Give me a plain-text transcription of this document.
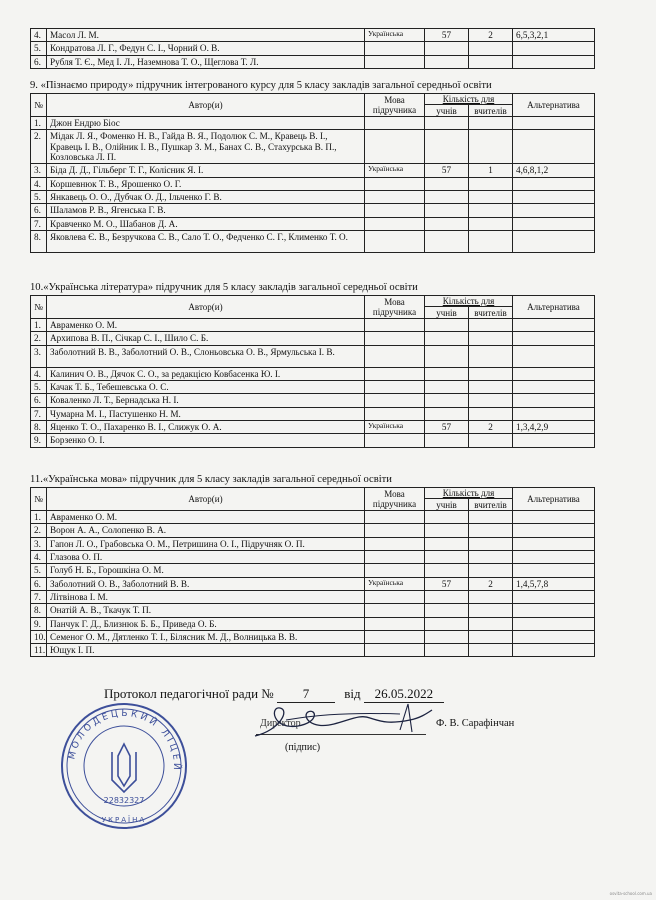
4.	Масол Л. М.	Українська	57	2	6,5,3,2,1
5.	Кондратова Л. Г., Федун С. І., Чорний О. В.				
6.	Рубля Т. Є., Мед І. Л., Наземнова Т. О., Щеглова Т. Л.				
9. «Пізнаємо природу» підручник інтегрованого курсу для 5 класу закладів загальної середньої освіти
№	Автор(и)	Мова підручника	Кількість для		Альтернатива
			учнів	вчителів	
1.	Джон Ендрю Біос				
2.	Мідак Л. Я., Фоменко Н. В., Гайда В. Я., Подолюк С. М., Кравець В. І., Кравець І. В., Олійник І. В., Пушкар З. М., Банах С. В., Стахурська В. П., Козловська Л. П.				
3.	Біда Д. Д., Гільберг Т. Г., Колісник Я. І.	Українська	57	1	4,6,8,1,2
4.	Коршевнюк Т. В., Ярошенко О. Г.				
5.	Янкавець О. О., Дубчак О. Д., Ільченко Г. В.				
6.	Шаламов Р. В., Ягенська Г. В.				
7.	Кравченко М. О., Шабанов Д. А.				
8.	Яковлева Є. В., Безручкова С. В., Сало Т. О., Федченко С. Г., Клименко Т. О.				
10.«Українська література» підручник для 5 класу закладів загальної середньої освіти
№	Автор(и)	Мова підручника	Кількість для		Альтернатива
			учнів	вчителів	
1.	Авраменко О. М.				
2.	Архипова В. П., Січкар С. І., Шило С. Б.				
3.	Заболотний В. В., Заболотний О. В., Слоньовська О. В., Ярмульська І. В.				
4.	Калинич О. В., Дячок С. О., за редакцією Ковбасенка Ю. І.				
5.	Качак Т. Б., Тебешевська О. С.				
6.	Коваленко Л. Т., Бернадська Н. І.				
7.	Чумарна М. І., Пастушенко Н. М.				
8.	Яценко Т. О., Пахаренко В. І., Слижук О. А.	Українська	57	2	1,3,4,2,9
9.	Борзенко О. І.				
11.«Українська мова» підручник для 5 класу закладів загальної середньої освіти
№	Автор(и)	Мова підручника	Кількість для		Альтернатива
			учнів	вчителів	
1.	Авраменко О. М.				
2.	Ворон А. А., Солопенко В. А.				
3.	Гапон Л. О., Грабовська О. М., Петришина О. І., Підручняк О. П.				
4.	Глазова О. П.				
5.	Голуб Н. Б., Горошкіна О. М.				
6.	Заболотний О. В., Заболотний В. В.	Українська	57	2	1,4,5,7,8
7.	Літвінова І. М.				
8.	Онатій А. В., Ткачук Т. П.				
9.	Панчук Г. Д., Близнюк Б. Б., Приведа О. Б.				
10.	Семеног О. М., Дятленко Т. І., Білясник М. Д., Волницька В. В.				
11.	Ющук І. П.				
Протокол педагогічної ради № 7	від 26.05.2022
Директор	Ф. В. Сарафінчан
(підпис)
МОЛОДЕЦЬКИЙ ЛІЦЕЙ
22832327
УКРАЇНА
osvita-school.com.ua
